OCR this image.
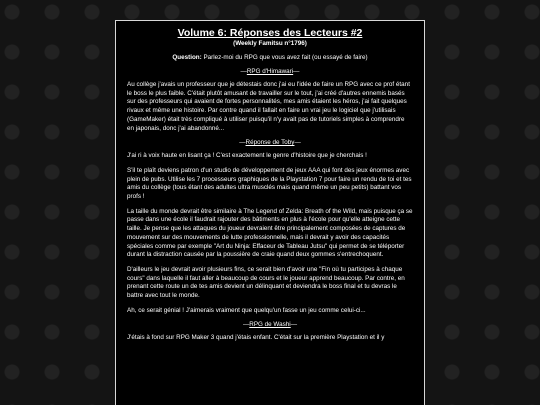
Volume 6: Réponses des Lecteurs #2
(Weekly Famitsu n°1796)
Question: Parlez-moi du RPG que vous avez fait (ou essayé de faire)
—RPG d'Himawari—

Au collège j'avais un professeur que je détestais donc j'ai eu l'idée de faire un RPG avec ce prof étant le boss le plus faible. C'était plutôt amusant de travailler sur le tout, j'ai créé d'autres ennemis basés sur des professeurs qui avaient de fortes personnalités, mes amis étaient les héros, j'ai fait quelques rivaux et même une histoire. Par contre quand il fallait en faire un vrai jeu le logiciel que j'utilisais (GameMaker) était très compliqué à utiliser puisqu'il n'y avait pas de tutoriels simples à comprendre en japonais, donc j'ai abandonné...

—Réponse de Toby—

J'ai ri à voix haute en lisant ça ! C'est exactement le genre d'histoire que je cherchais !

S'il te plaît deviens patron d'un studio de développement de jeux AAA qui font des jeux énormes avec plein de pubs. Utilise les 7 processeurs graphiques de la Playstation 7 pour faire un rendu de toi et tes amis du collège (tous étant des adultes ultra musclés mais quand même un peu petits) battant vos profs !

La taille du monde devrait être similaire à The Legend of Zelda: Breath of the Wild, mais puisque ça se passe dans une école il faudrait rajouter des bâtiments en plus à l'école pour qu'elle atteigne cette taille. Je pense que les attaques du joueur devraient être principalement composées de captures de mouvement sur des mouvements de lutte professionnelle, mais il devrait y avoir des capacités spéciales comme par exemple "Art du Ninja: Effaceur de Tableau Jutsu" qui permet de se téléporter durant la distraction causée par la poussière de craie quand deux gommes s'entrechoquent.

D'ailleurs le jeu devrait avoir plusieurs fins, ce serait bien d'avoir une "Fin où tu participes à chaque cours" dans laquelle il faut aller à beaucoup de cours et le joueur apprend beaucoup. Par contre, en prenant cette route un de tes amis devient un délinquant et deviendra le boss final et tu devras le battre avec tout le monde.

Ah, ce serait génial ! J'aimerais vraiment que quelqu'un fasse un jeu comme celui-ci...

—RPG de Washi—

J'étais à fond sur RPG Maker 3 quand j'étais enfant. C'était sur la première Playstation et il y
